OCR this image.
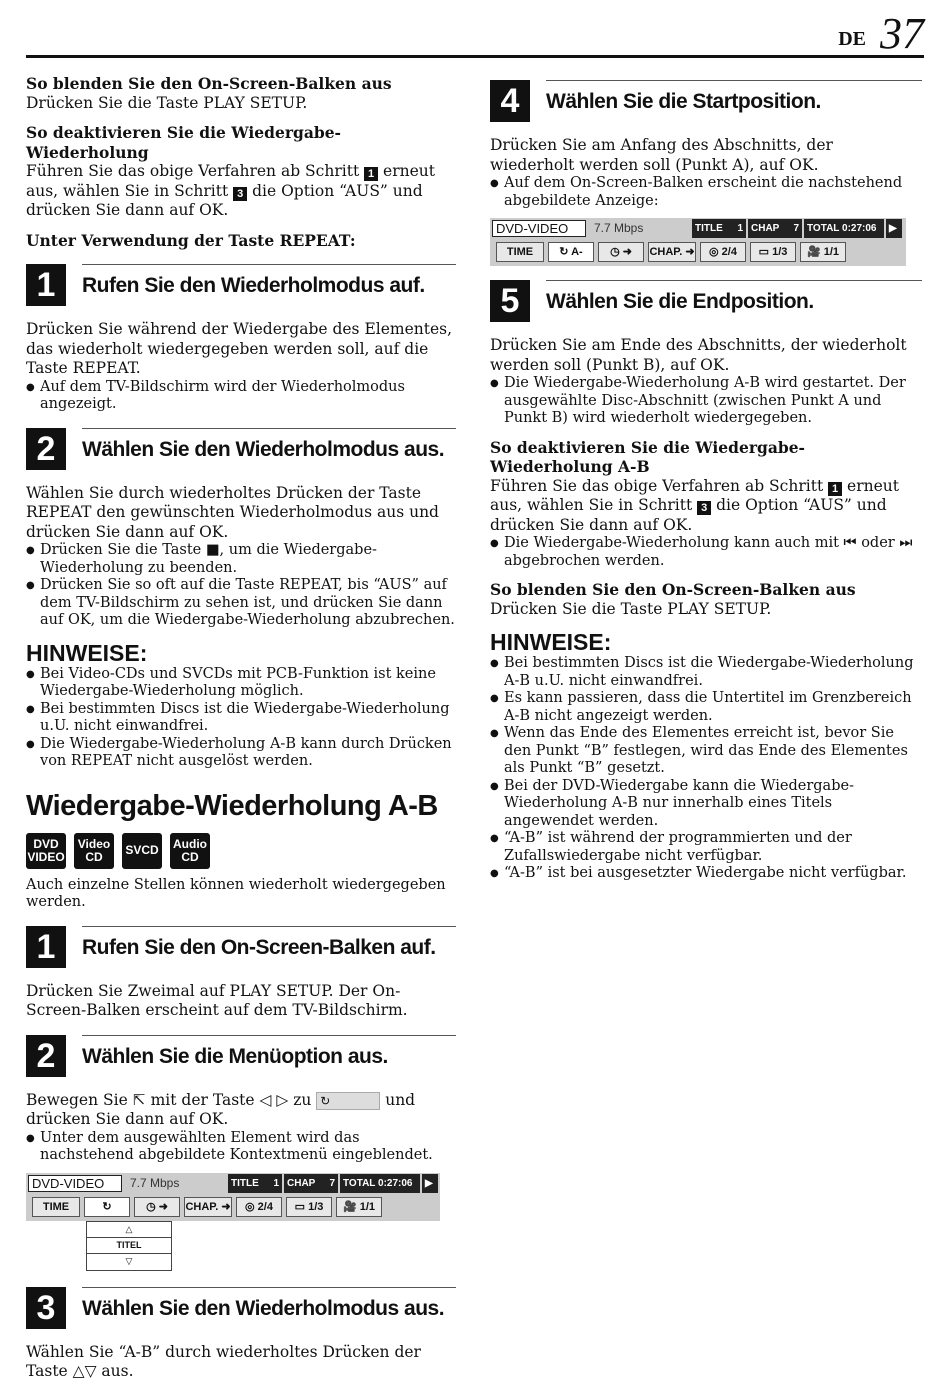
DE 37

So blenden Sie den On-Screen-Balken aus

Drücken Sie die Taste PLAY SETUP.

So deaktivieren Sie die Wiedergabe-Wiederholung

Führen Sie das obige Verfahren ab Schritt 1 erneut aus, wählen Sie in Schritt 3 die Option “AUS” und drücken Sie dann auf OK.

Unter Verwendung der Taste REPEAT:

1	Rufen Sie den Wiederholmodus auf.

Drücken Sie während der Wiedergabe des Elementes, das wiederholt wiedergegeben werden soll, auf die Taste REPEAT.

● Auf dem TV-Bildschirm wird der Wiederholmodus angezeigt.
2	Wählen Sie den Wiederholmodus aus.

Wählen Sie durch wiederholtes Drücken der Taste REPEAT den gewünschten Wiederholmodus aus und drücken Sie dann auf OK.

● Drücken Sie die Taste ■, um die Wiedergabe-Wiederholung zu beenden.
● Drücken Sie so oft auf die Taste REPEAT, bis “AUS” auf dem TV-Bildschirm zu sehen ist, und drücken Sie dann auf OK, um die Wiedergabe-Wiederholung abzubrechen.
HINWEISE:
● Bei Video-CDs und SVCDs mit PCB-Funktion ist keine Wiedergabe-Wiederholung möglich.
● Bei bestimmten Discs ist die Wiedergabe-Wiederholung u.U. nicht einwandfrei.
● Die Wiedergabe-Wiederholung A-B kann durch Drücken von REPEAT nicht ausgelöst werden.
Wiedergabe-Wiederholung A-B
DVD
VIDEO
Video
CD	SVCD Audio
CD

Auch einzelne Stellen können wiederholt wiedergegeben werden.

1	Rufen Sie den On-Screen-Balken auf.

Drücken Sie Zweimal auf PLAY SETUP. Der On-Screen-Balken erscheint auf dem TV-Bildschirm.

2	Wählen Sie die Menüoption aus.

Bewegen Sie ⇱ mit der Taste ◁ ▷ zu ↻	und drücken Sie dann auf OK.

● Unter dem ausgewählten Element wird das nachstehend abgebildete Kontextmenü eingeblendet.
DVD-VIDEO	7.7 Mbps	TITLE 1 CHAP 7 TOTAL 0:27:06	▶
TIME	↻	◷ ➜	CHAP. ➜	◎ 2/4	▭ 1/3	🎥 1/1
△
TITEL
▽
3	Wählen Sie den Wiederholmodus aus.

Wählen Sie “A-B” durch wiederholtes Drücken der Taste △▽ aus.

4	Wählen Sie die Startposition.

Drücken Sie am Anfang des Abschnitts, der wiederholt werden soll (Punkt A), auf OK.

● Auf dem On-Screen-Balken erscheint die nachstehend abgebildete Anzeige:
DVD-VIDEO	7.7 Mbps	TITLE 1 CHAP 7 TOTAL 0:27:06	▶
TIME	↻ A-	◷ ➜	CHAP. ➜	◎ 2/4	▭ 1/3	🎥 1/1
5	Wählen Sie die Endposition.

Drücken Sie am Ende des Abschnitts, der wiederholt werden soll (Punkt B), auf OK.

● Die Wiedergabe-Wiederholung A-B wird gestartet. Der ausgewählte Disc-Abschnitt (zwischen Punkt A und Punkt B) wird wiederholt wiedergegeben.

So deaktivieren Sie die Wiedergabe-Wiederholung A-B

Führen Sie das obige Verfahren ab Schritt 1 erneut aus, wählen Sie in Schritt 3 die Option “AUS” und drücken Sie dann auf OK.

● Die Wiedergabe-Wiederholung kann auch mit ⏮ oder ⏭ abgebrochen werden.

So blenden Sie den On-Screen-Balken aus

Drücken Sie die Taste PLAY SETUP.

HINWEISE:
● Bei bestimmten Discs ist die Wiedergabe-Wiederholung A-B u.U. nicht einwandfrei.
● Es kann passieren, dass die Untertitel im Grenzbereich A-B nicht angezeigt werden.
● Wenn das Ende des Elementes erreicht ist, bevor Sie den Punkt “B” festlegen, wird das Ende des Elementes als Punkt “B” gesetzt.
● Bei der DVD-Wiedergabe kann die Wiedergabe-Wiederholung A-B nur innerhalb eines Titels angewendet werden.
● “A-B” ist während der programmierten und der Zufallswiedergabe nicht verfügbar.
● “A-B” ist bei ausgesetzter Wiedergabe nicht verfügbar.
